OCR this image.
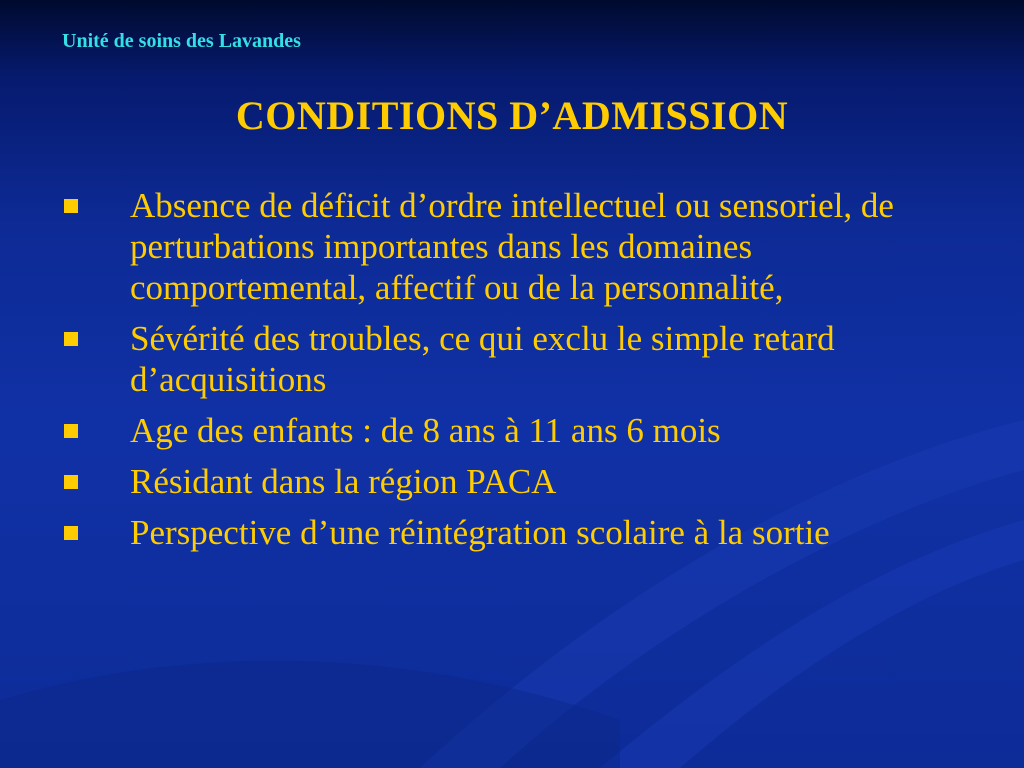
Unité de soins des Lavandes
CONDITIONS D’ADMISSION
Absence de déficit d’ordre intellectuel ou sensoriel, de perturbations importantes dans les domaines comportemental, affectif ou de la personnalité,
Sévérité des troubles, ce qui exclu le simple retard d’acquisitions
Age des enfants : de 8 ans à 11 ans 6 mois
Résidant dans la région PACA
Perspective d’une réintégration scolaire à la sortie
